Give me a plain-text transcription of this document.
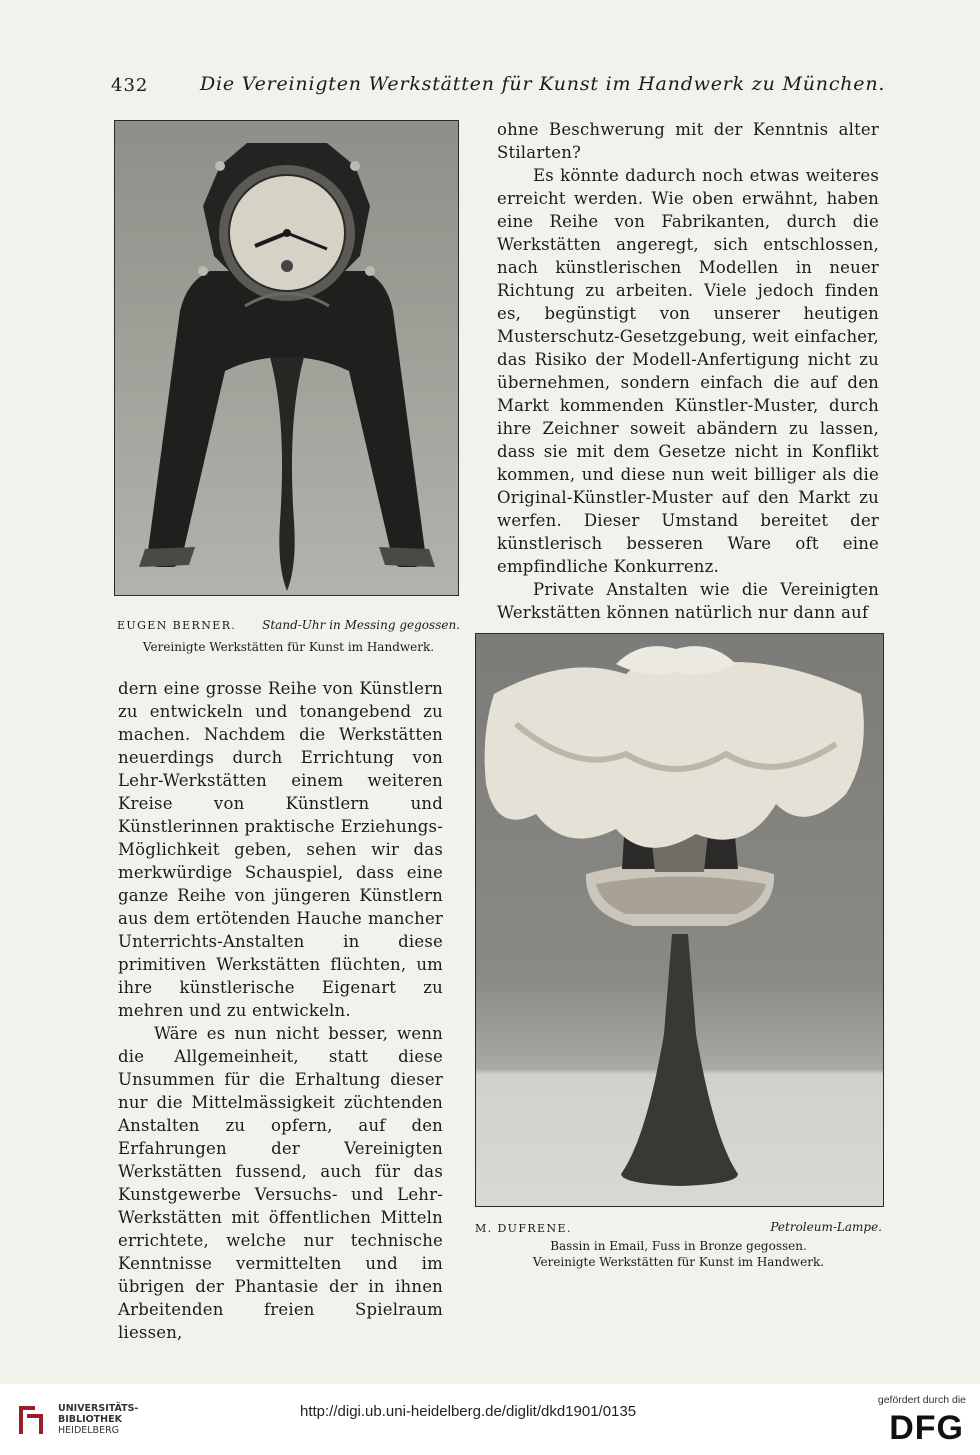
432	Die Vereinigten Werkstätten für Kunst im Handwerk zu München.
EUGEN BERNER. Stand-Uhr in Messing gegossen.
Vereinigte Werkstätten für Kunst im Handwerk.
M. DUFRENE.	Petroleum-Lampe.
Bassin in Email, Fuss in Bronze gegossen.
Vereinigte Werkstätten für Kunst im Handwerk.

ohne Beschwerung mit der Kenntnis alter Stilarten?

Es könnte dadurch noch etwas weiteres erreicht werden. Wie oben erwähnt, haben eine Reihe von Fabrikanten, durch die Werkstätten angeregt, sich entschlossen, nach künstlerischen Modellen in neuer Richtung zu arbeiten. Viele jedoch finden es, begünstigt von unserer heutigen Musterschutz-Gesetzgebung, weit einfacher, das Risiko der Modell-Anfertigung nicht zu übernehmen, sondern einfach die auf den Markt kommenden Künstler-Muster, durch ihre Zeichner soweit abändern zu lassen, dass sie mit dem Gesetze nicht in Konflikt kommen, und diese nun weit billiger als die Original-Künstler-Muster auf den Markt zu werfen. Dieser Umstand bereitet der künstlerisch besseren Ware oft eine empfindliche Konkurrenz.

Private Anstalten wie die Vereinigten Werkstätten können natürlich nur dann auf

dern eine grosse Reihe von Künstlern zu entwickeln und tonangebend zu machen. Nachdem die Werkstätten neuerdings durch Errichtung von Lehr-Werkstätten einem weiteren Kreise von Künstlern und Künstlerinnen praktische Erziehungs-Möglichkeit geben, sehen wir das merkwürdige Schauspiel, dass eine ganze Reihe von jüngeren Künstlern aus dem ertötenden Hauche mancher Unterrichts-Anstalten in diese primitiven Werkstätten flüchten, um ihre künstlerische Eigenart zu mehren und zu entwickeln.

Wäre es nun nicht besser, wenn die Allgemeinheit, statt diese Unsummen für die Erhaltung dieser nur die Mittelmässigkeit züchtenden Anstalten zu opfern, auf den Erfahrungen der Vereinigten Werkstätten fussend, auch für das Kunstgewerbe Versuchs- und Lehr-Werkstätten mit öffentlichen Mitteln errichtete, welche nur technische Kenntnisse vermittelten und im übrigen der Phantasie der in ihnen Arbeitenden freien Spielraum liessen,

UNIVERSITÄTS-
BIBLIOTHEK
HEIDELBERG
http://digi.ub.uni-heidelberg.de/diglit/dkd1901/0135
gefördert durch die
DFG
